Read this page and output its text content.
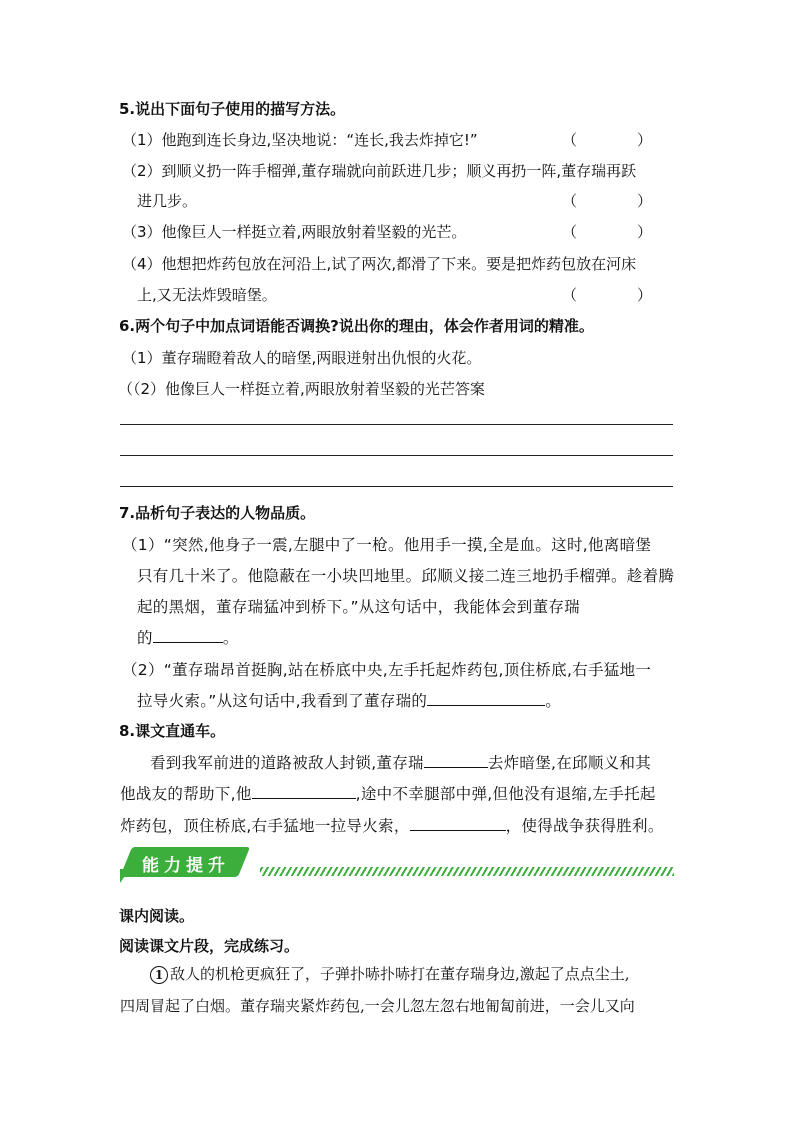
5.说出下面句子使用的描写方法。
（1）他跑到连长身边,坚决地说：“连长,我去炸掉它!”	（　　　　）
（2）到顺义扔一阵手榴弹,董存瑞就向前跃进几步；顺义再扔一阵,董存瑞再跃
进几步。	（　　　　）
（3）他像巨人一样挺立着,两眼放射着坚毅的光芒。	（　　　　）
（4）他想把炸药包放在河沿上,试了两次,都滑了下来。要是把炸药包放在河床
上,又无法炸毁暗堡。	（　　　　）
6.两个句子中加点词语能否调换?说出你的理由，体会作者用词的精准。
（1）董存瑞瞪着敌人的暗堡,两眼迸射出仇恨的火花。
（（2）他像巨人一样挺立着,两眼放射着坚毅的光芒答案
7.品析句子表达的人物品质。
（1）“突然,他身子一震,左腿中了一枪。他用手一摸,全是血。这时,他离暗堡
只有几十米了。他隐蔽在一小块凹地里。邱顺义接二连三地扔手榴弹。趁着腾
起的黑烟，董存瑞猛冲到桥下。”从这句话中，我能体会到董存瑞
的	。
（2）“董存瑞昂首挺胸,站在桥底中央,左手托起炸药包,顶住桥底,右手猛地一
拉导火索。”从这句话中,我看到了董存瑞的	。
8.课文直通车。
看到我军前进的道路被敌人封锁,董存瑞	去炸暗堡,在邱顺义和其
他战友的帮助下,他	,途中不幸腿部中弹,但他没有退缩,左手托起
炸药包，顶住桥底,右手猛地一拉导火索，	，使得战争获得胜利。
能力提升
课内阅读。
阅读课文片段，完成练习。
1 敌人的机枪更疯狂了，子弹扑哧扑哧打在董存瑞身边,激起了点点尘土,
四周冒起了白烟。董存瑞夹紧炸药包,一会儿忽左忽右地匍匐前进，一会儿又向
